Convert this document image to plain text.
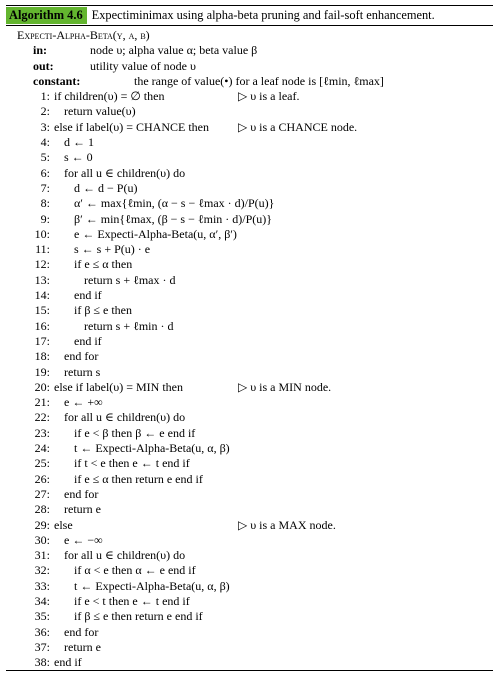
Algorithm 4.6 Expectiminimax using alpha-beta pruning and fail-soft enhancement.
Expecti-Alpha-Beta(υ, α, β)
in:	node υ; alpha value α; beta value β
out:	utility value of node υ
constant:	the range of value(•) for a leaf node is [ℓmin, ℓmax]
1: if children(υ) = ∅ then	▷ υ is a leaf.
2: return value(υ)
3: else if label(υ) = CHANCE then ▷ υ is a CHANCE node.
4: d ← 1
5: s ← 0
6: for all u ∈ children(υ) do
7: d ← d − P(u)
8: α′ ← max{ℓmin, (α − s − ℓmax · d)/P(u)}
9: β′ ← min{ℓmax, (β − s − ℓmin · d)/P(u)}
10: e ← Expecti-Alpha-Beta(u, α′, β′)
11: s ← s + P(u) · e
12: if e ≤ α then
13:	return s + ℓmax · d
14: end if
15: if β ≤ e then
16:	return s + ℓmin · d
17: end if
18: end for
19: return s
20: else if label(υ) = MIN then	▷ υ is a MIN node.
21: e ← +∞
22: for all u ∈ children(υ) do
23: if e < β then β ← e end if
24: t ← Expecti-Alpha-Beta(u, α, β)
25: if t < e then e ← t end if
26: if e ≤ α then return e end if
27: end for
28: return e
29: else	▷ υ is a MAX node.
30: e ← −∞
31: for all u ∈ children(υ) do
32: if α < e then α ← e end if
33: t ← Expecti-Alpha-Beta(u, α, β)
34: if e < t then e ← t end if
35: if β ≤ e then return e end if
36: end for
37: return e
38: end if
